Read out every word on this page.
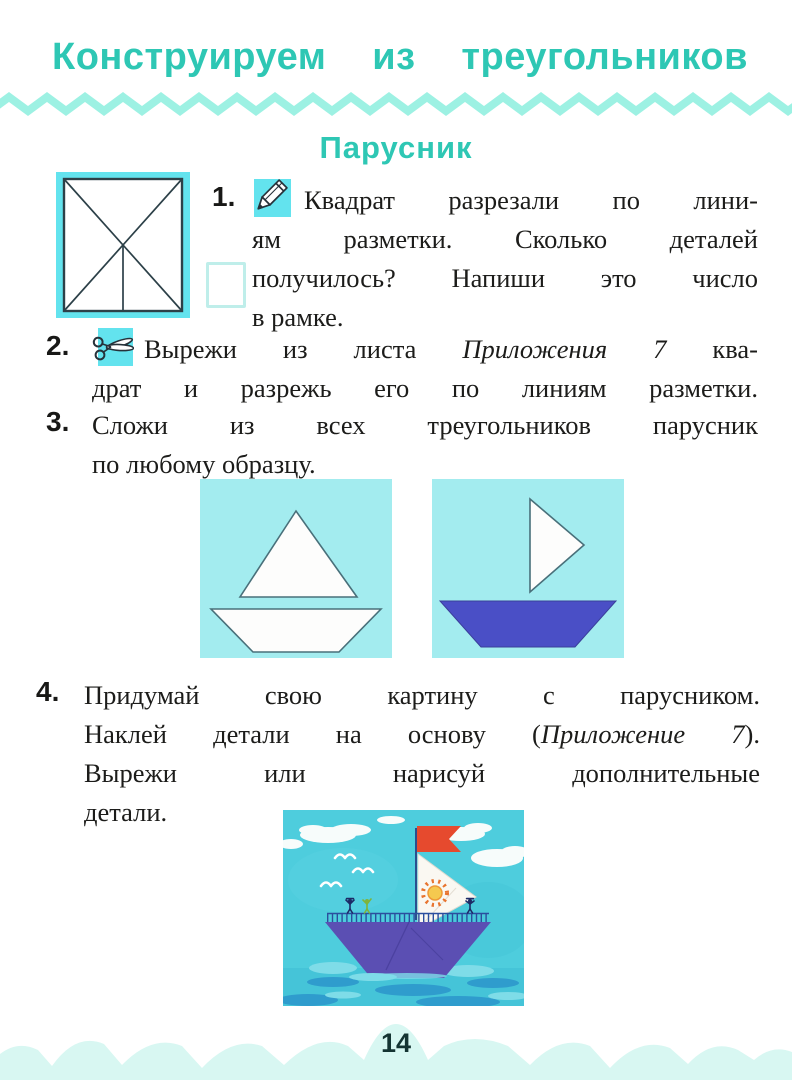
Конструируем из треугольников
Парусник
1.	Квадрат разрезали по лини-
ям разметки. Сколько деталей
получилось? Напиши это число
в рамке.
2.	Вырежи из листа Приложения 7 ква-
драт и разрежь его по линиям разметки.
3. Сложи из всех треугольников парусник
по любому образцу.
4. Придумай свою картину с парусником.
Наклей детали на основу (Приложение 7).
Вырежи или нарисуй дополнительные
детали.
14
